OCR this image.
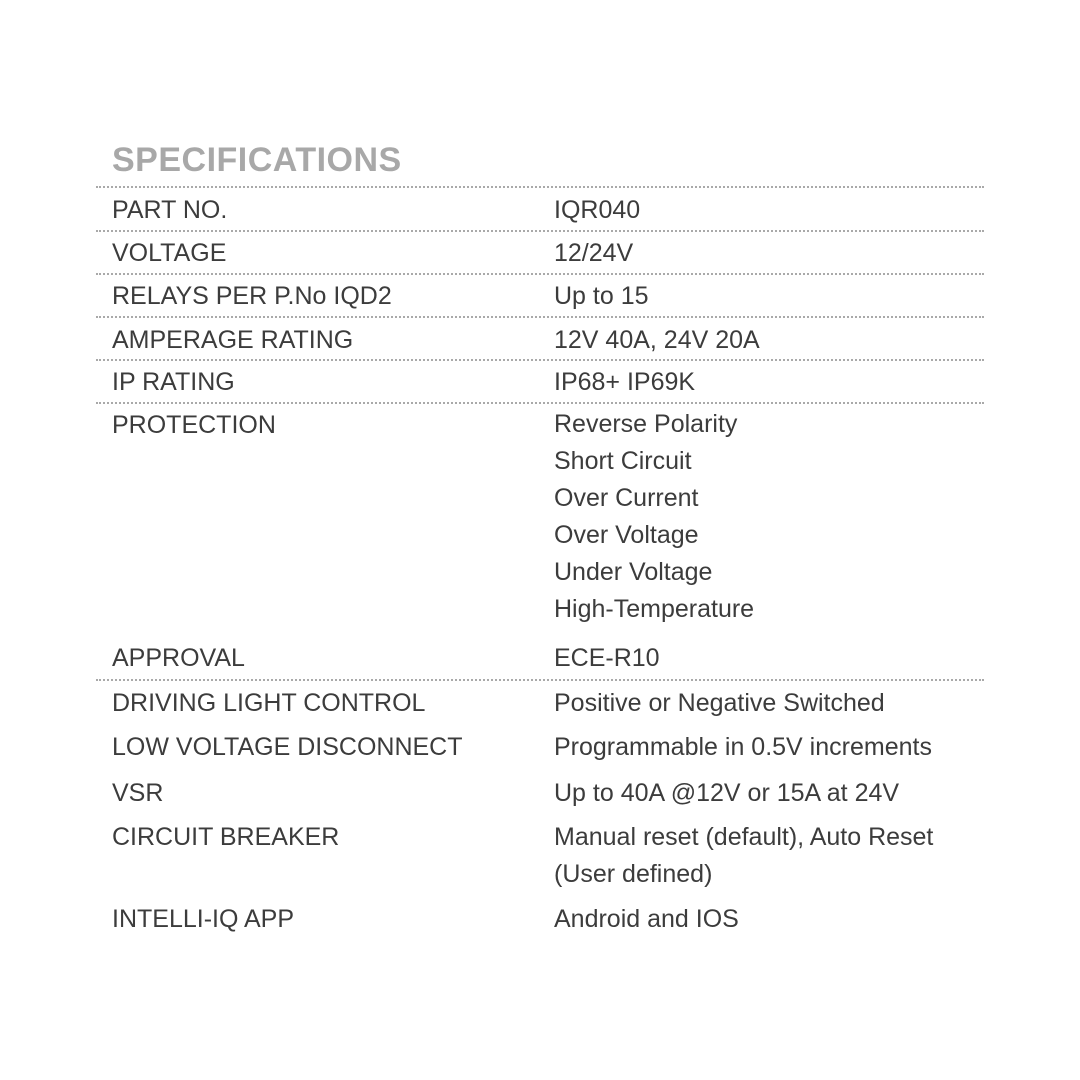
SPECIFICATIONS
PART NO.	IQR040
VOLTAGE	12/24V
RELAYS PER P.No IQD2	Up to 15
AMPERAGE RATING	12V 40A, 24V 20A
IP RATING	IP68+ IP69K
PROTECTION	Reverse Polarity
Short Circuit
Over Current
Over Voltage
Under Voltage
High-Temperature
APPROVAL	ECE-R10
DRIVING LIGHT CONTROL	Positive or Negative Switched
LOW VOLTAGE DISCONNECT	Programmable in 0.5V increments
VSR	Up to 40A @12V or 15A at 24V
CIRCUIT BREAKER	Manual reset (default), Auto Reset
(User defined)
INTELLI-IQ APP	Android and IOS
